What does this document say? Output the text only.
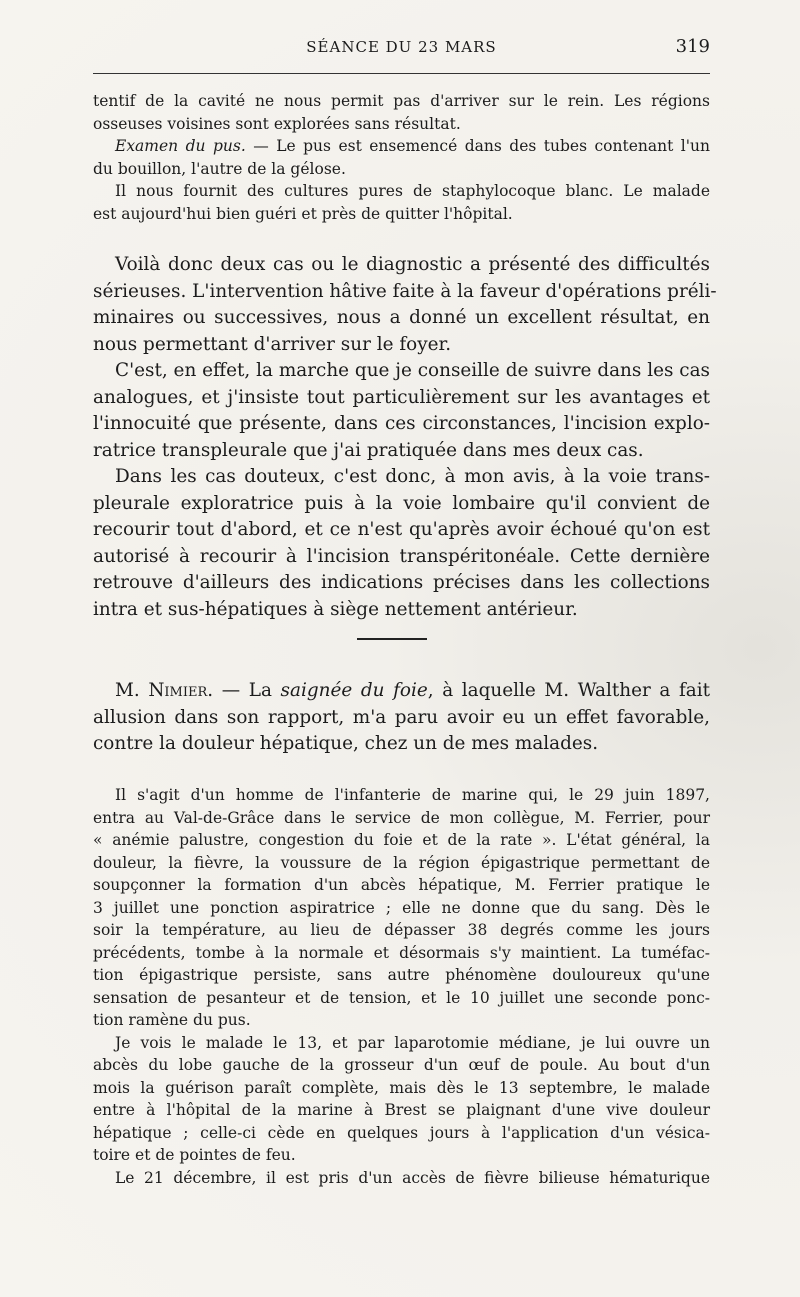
SÉANCE DU 23 MARS	319
tentif de la cavité ne nous permit pas d'arriver sur le rein. Les régions
osseuses voisines sont explorées sans résultat.
Examen du pus. — Le pus est ensemencé dans des tubes contenant l'un
du bouillon, l'autre de la gélose.
Il nous fournit des cultures pures de staphylocoque blanc. Le malade
est aujourd'hui bien guéri et près de quitter l'hôpital.
Voilà donc deux cas ou le diagnostic a présenté des difficultés
sérieuses. L'intervention hâtive faite à la faveur d'opérations préli-
minaires ou successives, nous a donné un excellent résultat, en
nous permettant d'arriver sur le foyer.
C'est, en effet, la marche que je conseille de suivre dans les cas
analogues, et j'insiste tout particulièrement sur les avantages et
l'innocuité que présente, dans ces circonstances, l'incision explo-
ratrice transpleurale que j'ai pratiquée dans mes deux cas.
Dans les cas douteux, c'est donc, à mon avis, à la voie trans-
pleurale exploratrice puis à la voie lombaire qu'il convient de
recourir tout d'abord, et ce n'est qu'après avoir échoué qu'on est
autorisé à recourir à l'incision transpéritonéale. Cette dernière
retrouve d'ailleurs des indications précises dans les collections
intra et sus-hépatiques à siège nettement antérieur.
M. Nimier. — La saignée du foie, à laquelle M. Walther a fait
allusion dans son rapport, m'a paru avoir eu un effet favorable,
contre la douleur hépatique, chez un de mes malades.
Il s'agit d'un homme de l'infanterie de marine qui, le 29 juin 1897,
entra au Val-de-Grâce dans le service de mon collègue, M. Ferrier, pour
« anémie palustre, congestion du foie et de la rate ». L'état général, la
douleur, la fièvre, la voussure de la région épigastrique permettant de
soupçonner la formation d'un abcès hépatique, M. Ferrier pratique le
3 juillet une ponction aspiratrice ; elle ne donne que du sang. Dès le
soir la température, au lieu de dépasser 38 degrés comme les jours
précédents, tombe à la normale et désormais s'y maintient. La tuméfac-
tion épigastrique persiste, sans autre phénomène douloureux qu'une
sensation de pesanteur et de tension, et le 10 juillet une seconde ponc-
tion ramène du pus.
Je vois le malade le 13, et par laparotomie médiane, je lui ouvre un
abcès du lobe gauche de la grosseur d'un œuf de poule. Au bout d'un
mois la guérison paraît complète, mais dès le 13 septembre, le malade
entre à l'hôpital de la marine à Brest se plaignant d'une vive douleur
hépatique ; celle-ci cède en quelques jours à l'application d'un vésica-
toire et de pointes de feu.
Le 21 décembre, il est pris d'un accès de fièvre bilieuse hématurique
